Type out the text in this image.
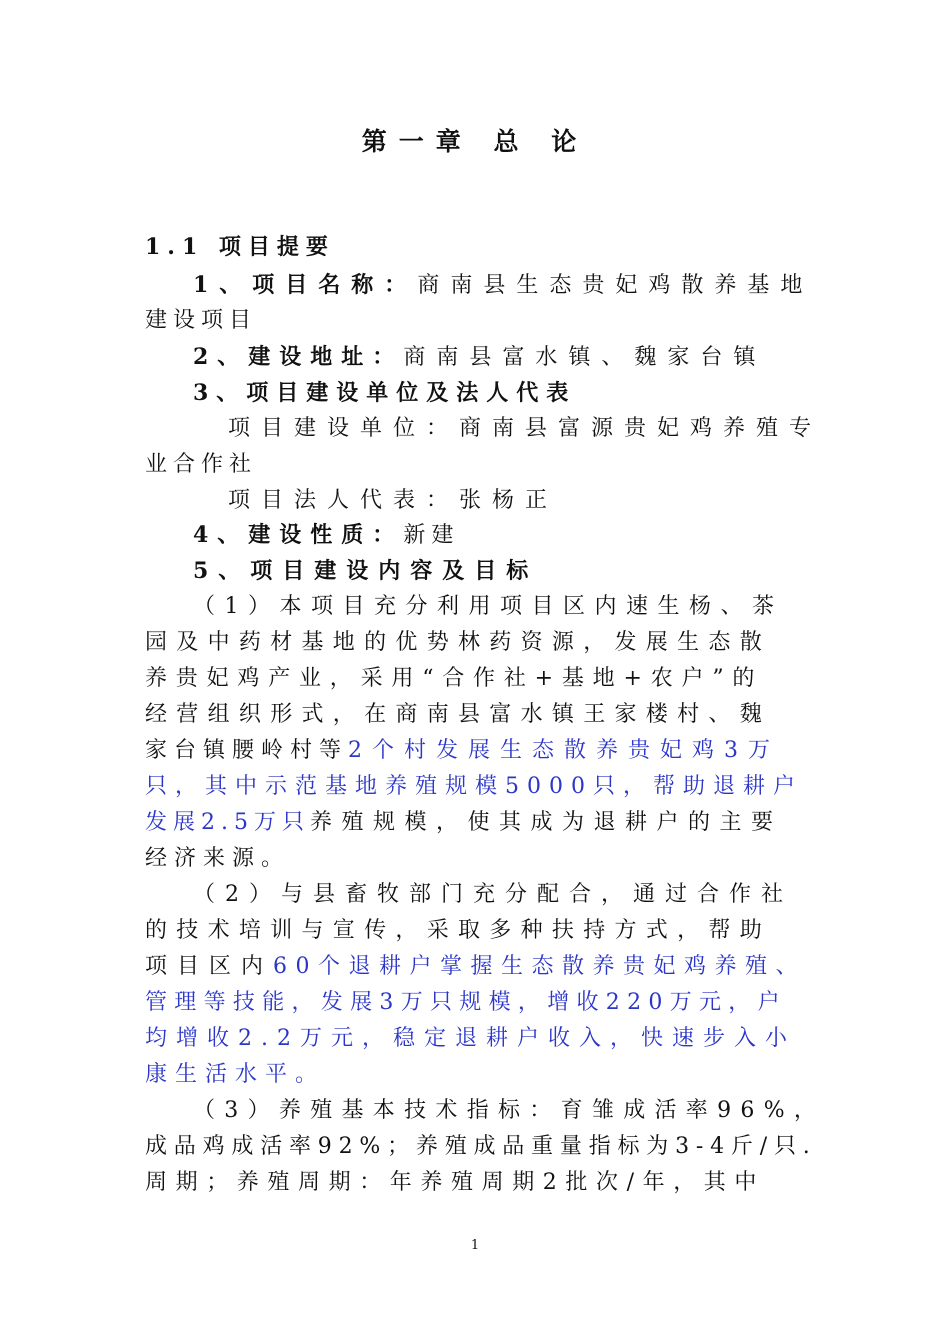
第一章 总 论
1.1 项目提要
1、项目名称：商南县生态贵妃鸡散养基地
建设项目
2、建设地址：商南县富水镇、魏家台镇
3、项目建设单位及法人代表
项目建设单位：商南县富源贵妃鸡养殖专
业合作社
项目法人代表：张杨正
4、建设性质：新建
5、项目建设内容及目标
（1）本项目充分利用项目区内速生杨、茶
园及中药材基地的优势林药资源，发展生态散
养贵妃鸡产业，采用“合作社+基地+农户”的
经营组织形式，在商南县富水镇王家楼村、魏
家台镇腰岭村等2个村发展生态散养贵妃鸡3万
只，其中示范基地养殖规模5000只，帮助退耕户
发展2.5万只养殖规模，使其成为退耕户的主要
经济来源。
（2）与县畜牧部门充分配合，通过合作社
的技术培训与宣传，采取多种扶持方式，帮助
项目区内60个退耕户掌握生态散养贵妃鸡养殖、
管理等技能，发展3万只规模，增收220万元，户
均增收2.2万元，稳定退耕户收入，快速步入小
康生活水平。
（3）养殖基本技术指标：育雏成活率96%，
成品鸡成活率92%；养殖成品重量指标为3-4斤/只.
周期；养殖周期：年养殖周期2批次/年，其中
1
